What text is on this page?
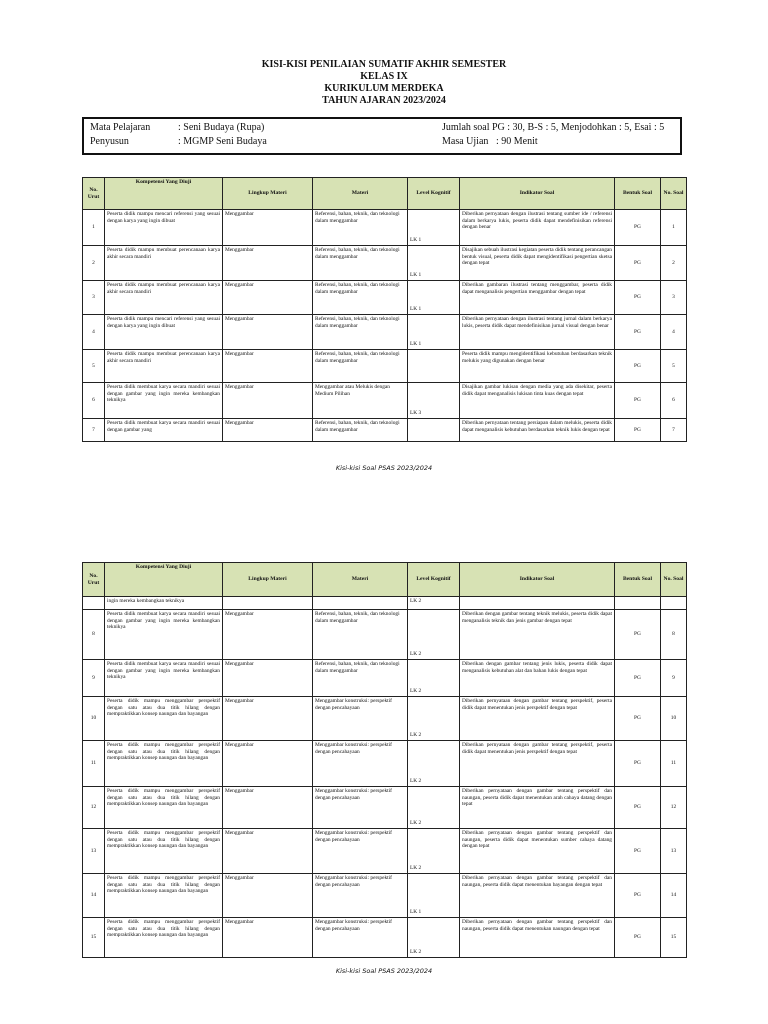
KISI-KISI PENILAIAN SUMATIF AKHIR SEMESTER
KELAS IX
KURIKULUM MERDEKA
TAHUN AJARAN 2023/2024
Mata Pelajaran	: Seni Budaya (Rupa)
Penyusun	: MGMP Seni Budaya
Jumlah soal PG : 30, B-S : 5, Menjodohkan : 5, Esai : 5
Masa Ujian : 90 Menit
No. Urut	Kompetensi Yang Diuji	Lingkup Materi	Materi	Level Kognitif	Indikator Soal	Bentuk Soal	No. Soal
1	Peserta didik mampu mencari referensi yang sesuai dengan karya yang ingin dibuat	Menggambar	Referensi, bahan, teknik, dan teknologi dalam menggambar	LK 1	Diberikan pernyataan dengan ilustrasi tentang sumber ide / referensi dalam berkarya lukis, peserta didik dapat mendefinisikan referensi dengan benar	PG	1
2	Peserta didik mampu membuat perencanaan karya akhir secara mandiri	Menggambar	Referensi, bahan, teknik, dan teknologi dalam menggambar	LK 1	Disajikan sebuah ilustrasi kegiatan peserta didik tentang perancangan bentuk visual, peserta didik dapat mengidentifikasi pengertian sketsa dengan tepat	PG	2
3	Peserta didik mampu membuat perencanaan karya akhir secara mandiri	Menggambar	Referensi, bahan, teknik, dan teknologi dalam menggambar	LK 1	Diberikan gambaran ilustrasi tentang menggambar, peserta didik dapat menganalisis pengertian menggambar dengan tepat	PG	3
4	Peserta didik mampu mencari referensi yang sesuai dengan karya yang ingin dibuat	Menggambar	Referensi, bahan, teknik, dan teknologi dalam menggambar	LK 1	Diberikan pernyataan dengan ilustrasi tentang jurnal dalam berkarya lukis, peserta didik dapat mendefinisikan jurnal visual dengan benar	PG	4
5	Peserta didik mampu membuat perencanaan karya akhir secara mandiri	Menggambar	Referensi, bahan, teknik, dan teknologi dalam menggambar		Peserta didik mampu mengidentifikasi kebutuhan berdasarkan teknik melukis yang digunakan dengan benar	PG	5
6	Peserta didik membuat karya secara mandiri sesuai dengan gambar yang ingin mereka kembangkan teknikya	Menggambar	Menggambar atau Melukis dengan Medium Pilihan	LK 3	Disajikan gambar lukisan dengan media yang ada disekitar, peserta didik dapat menganalisis lukisan tinta kuas dengan tepat	PG	6
7	Peserta didik membuat karya secara mandiri sesuai dengan gambar yang	Menggambar	Referensi, bahan, teknik, dan teknologi dalam menggambar		Diberikan pernyataan tentang persiapan dalam melukis, peserta didik dapat menganalisis kebutuhan berdasarkan teknik lukis dengan tepat	PG	7
Kisi-kisi Soal PSAS 2023/2024
No. Urut	Kompetensi Yang Diuji	Lingkup Materi	Materi	Level Kognitif	Indikator Soal	Bentuk Soal	No. Soal
	ingin mereka kembangkan teknikya			LK 2			
8	Peserta didik membuat karya secara mandiri sesuai dengan gambar yang ingin mereka kembangkan teknikya	Menggambar	Referensi, bahan, teknik, dan teknologi dalam menggambar	LK 2	Diberikan dengan gambar tentang teknik melukis, peserta didik dapat menganalisis teknik dan jenis gambar dengan tepat	PG	8
9	Peserta didik membuat karya secara mandiri sesuai dengan gambar yang ingin mereka kembangkan teknikya	Menggambar	Referensi, bahan, teknik, dan teknologi dalam menggambar	LK 2	Diberikan dengan gambar tentang jenis lukis, peserta didik dapat menganalisis kebutuhan alat dan bahan lukis dengan tepat	PG	9
10	Peserta didik mampu menggambar perspektif dengan satu atau dua titik hilang dengan mempraktikkan konsep naungan dan bayangan	Menggambar	Menggambar konstruksi: perspektif dengan pencahayaan	LK 2	Diberikan pernyataan dengan gambar tentang perspektif, peserta didik dapat menentukan jenis perspektif dengan tepat	PG	10
11	Peserta didik mampu menggambar perspektif dengan satu atau dua titik hilang dengan mempraktikkan konsep naungan dan bayangan	Menggambar	Menggambar konstruksi: perspektif dengan pencahayaan	LK 2	Diberikan pernyataan dengan gambar tentang perspektif, peserta didik dapat menentukan jenis perspektif dengan tepat	PG	11
12	Peserta didik mampu menggambar perspektif dengan satu atau dua titik hilang dengan mempraktikkan konsep naungan dan bayangan	Menggambar	Menggambar konstruksi: perspektif dengan pencahayaan	LK 2	Diberikan pernyataan dengan gambar tentang perspektif dan naungan, peserta didik dapat menentukan arah cahaya datang dengan tepat	PG	12
13	Peserta didik mampu menggambar perspektif dengan satu atau dua titik hilang dengan mempraktikkan konsep naungan dan bayangan	Menggambar	Menggambar konstruksi: perspektif dengan pencahayaan	LK 2	Diberikan pernyataan dengan gambar tentang perspektif dan naungan, peserta didik dapat menentukan sumber cahaya datang dengan tepat	PG	13
14	Peserta didik mampu menggambar perspektif dengan satu atau dua titik hilang dengan mempraktikkan konsep naungan dan bayangan	Menggambar	Menggambar konstruksi: perspektif dengan pencahayaan	LK 1	Diberikan pernyataan dengan gambar tentang perspektif dan naungan, peserta didik dapat menentukan bayangan dengan tepat	PG	14
15	Peserta didik mampu menggambar perspektif dengan satu atau dua titik hilang dengan mempraktikkan konsep naungan dan bayangan	Menggambar	Menggambar konstruksi: perspektif dengan pencahayaan	LK 2	Diberikan pernyataan dengan gambar tentang perspektif dan naungan, peserta didik dapat menentukan naungan dengan tepat	PG	15
Kisi-kisi Soal PSAS 2023/2024
